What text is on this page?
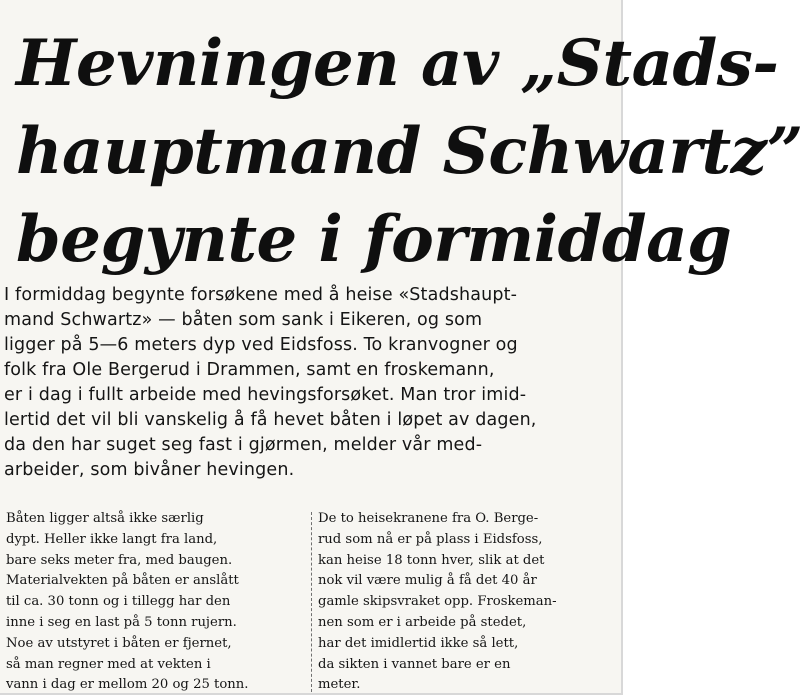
Hevningen av „Stads-
hauptmand Schwartz”
begynte i formiddag

I formiddag begynte forsøkene med å heise «Stadshaupt-
mand Schwartz» — båten som sank i Eikeren, og som
ligger på 5—6 meters dyp ved Eidsfoss. To kranvogner og
folk fra Ole Bergerud i Drammen, samt en froskemann,
er i dag i fullt arbeide med hevingsforsøket. Man tror imid-
lertid det vil bli vanskelig å få hevet båten i løpet av dagen,
da den har suget seg fast i gjørmen, melder vår med-
arbeider, som bivåner hevingen.

Båten ligger altså ikke særlig
dypt. Heller ikke langt fra land,
bare seks meter fra, med baugen.
Materialvekten på båten er anslått
til ca. 30 tonn og i tillegg har den
inne i seg en last på 5 tonn rujern.
Noe av utstyret i båten er fjernet,
så man regner med at vekten i
vann i dag er mellom 20 og 25 tonn.

De to heisekranene fra O. Berge-
rud som nå er på plass i Eidsfoss,
kan heise 18 tonn hver, slik at det
nok vil være mulig å få det 40 år
gamle skipsvraket opp. Froskeman-
nen som er i arbeide på stedet,
har det imidlertid ikke så lett,
da sikten i vannet bare er en
meter.
